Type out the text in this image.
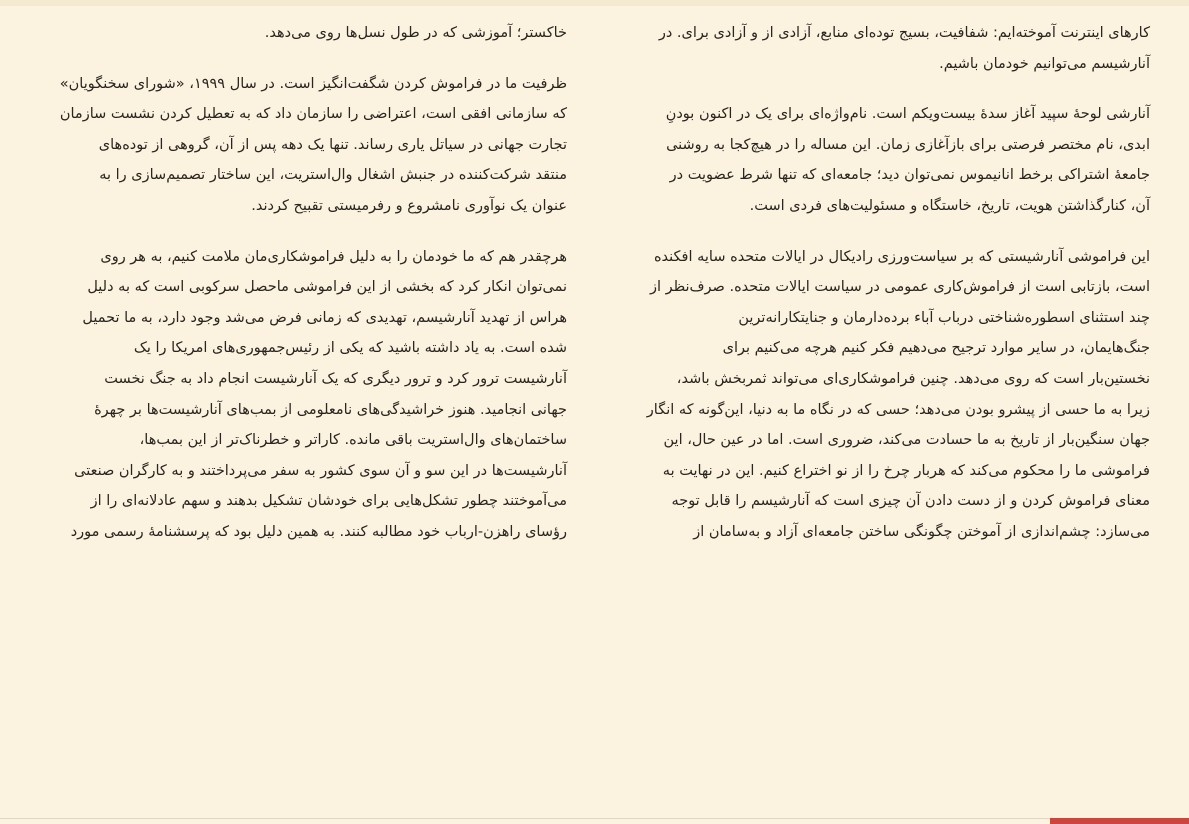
کارهای اینترنت آموخته‌ایم: شفافیت، بسیج توده‌ای منابع، آزادی از و آزادی برای. در

آنارشیسم می‌توانیم خودمان باشیم.

آنارشی لوحهٔ سپید آغاز سدهٔ بیست‌ویکم است. نام‌واژه‌ای برای یک در اکنون بودنِ

ابدی، نام مختصر فرصتی برای بازآغازی زمان. این مساله را در هیچ‌کجا به روشنی

جامعهٔ اشتراکی برخط انانیموس نمی‌توان دید؛ جامعه‌ای که تنها شرط عضویت در

آن، کنارگذاشتن هویت، تاریخ، خاستگاه و مسئولیت‌های فردی است.

این فراموشی آنارشیستی که بر سیاست‌ورزی رادیکال در ایالات متحده سایه افکنده

است، بازتابی است از فراموش‌کاری عمومی در سیاست ایالات متحده. صرف‌نظر از

چند استثنای اسطوره‌شناختی درباب آباء برده‌دارمان و جنایتکارانه‌ترین

جنگ‌هایمان، در سایر موارد ترجیح می‌دهیم فکر کنیم هرچه می‌کنیم برای

نخستین‌بار است که روی می‌دهد. چنین فراموشکاری‌ای می‌تواند ثمربخش باشد،

زیرا به ما حسی از پیشرو بودن می‌دهد؛ حسی که در نگاه ما به دنیا، این‌گونه که انگار

جهان سنگین‌بار از تاریخ به ما حسادت می‌کند، ضروری است. اما در عین حال، این

فراموشی ما را محکوم می‌کند که هربار چرخ را از نو اختراع کنیم. این در نهایت به

معنای فراموش کردن و از دست دادن آن چیزی است که آنارشیسم را قابل توجه

می‌سازد: چشم‌اندازی از آموختن چگونگی ساختن جامعه‌ای آزاد و به‌سامان از

خاکستر؛ آموزشی که در طول نسل‌ها روی می‌دهد.

ظرفیت ما در فراموش کردن شگفت‌انگیز است. در سال ۱۹۹۹، «شورای سخنگویان»

که سازمانی افقی است، اعتراضی را سازمان داد که به تعطیل کردن نشست سازمان

تجارت جهانی در سیاتل یاری رساند. تنها یک دهه پس از آن، گروهی از توده‌های

منتقد شرکت‌کننده در جنبش اشغال وال‌استریت، این ساختار تصمیم‌سازی را به

عنوان یک نوآوری نامشروع و رفرمیستی تقبیح کردند.

هرچقدر هم که ما خودمان را به دلیل فراموشکاری‌مان ملامت کنیم، به هر روی

نمی‌توان انکار کرد که بخشی از این فراموشی ماحصل سرکوبی است که به دلیل

هراس از تهدید آنارشیسم، تهدیدی که زمانی فرض می‌شد وجود دارد، به ما تحمیل

شده است. به یاد داشته باشید که یکی از رئیس‌جمهوری‌های امریکا را یک

آنارشیست ترور کرد و ترور دیگری که یک آنارشیست انجام داد به جنگ نخست

جهانی انجامید. هنوز خراشیدگی‌های نامعلومی از بمب‌های آنارشیست‌ها بر چهرهٔ

ساختمان‌های وال‌استریت باقی مانده. کاراتر و خطرناک‌تر از این بمب‌ها،

آنارشیست‌ها در این سو و آن سوی کشور به سفر می‌پرداختند و به کارگران صنعتی

می‌آموختند چطور تشکل‌هایی برای خودشان تشکیل بدهند و سهم عادلانه‌ای را از

رؤسای راهزن-ارباب خود مطالبه کنند. به همین دلیل بود که پرسشنامهٔ رسمی مورد
